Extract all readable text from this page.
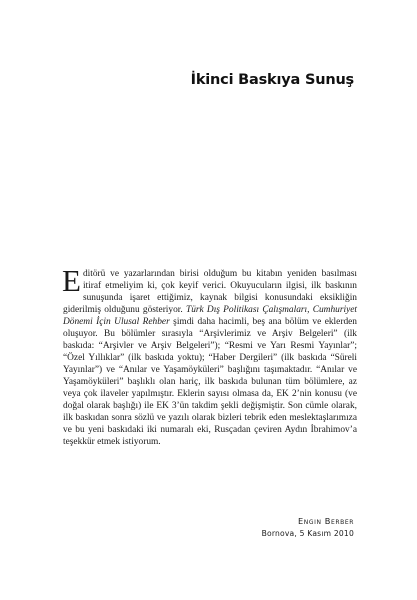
İkinci Baskıya Sunuş
Editörü ve yazarlarından birisi olduğum bu kitabın yeniden basılması itiraf etmeliyim ki, çok keyif verici. Okuyucuların ilgisi, ilk baskının sunuşunda işaret ettiğimiz, kaynak bilgisi konusundaki eksikliğin giderilmiş olduğunu gösteriyor. Türk Dış Politikası Çalışmaları, Cumhuriyet Dönemi İçin Ulusal Rehber şimdi daha hacimli, beş ana bölüm ve eklerden oluşuyor. Bu bölümler sırasıyla “Arşivlerimiz ve Arşiv Belgeleri” (ilk baskıda: “Arşivler ve Arşiv Belgeleri”); “Resmi ve Yarı Resmi Yayınlar”; “Özel Yıllıklar” (ilk baskıda yoktu); “Haber Dergileri” (ilk baskıda “Süreli Yayınlar”) ve “Anılar ve Yaşamöyküleri” başlığını taşımaktadır. “Anılar ve Yaşamöyküleri” başlıklı olan hariç, ilk baskıda bulunan tüm bölümlere, az veya çok ilaveler yapılmıştır. Eklerin sayısı olmasa da, EK 2’nin konusu (ve doğal olarak başlığı) ile EK 3’ün takdim şekli değişmiştir. Son cümle olarak, ilk baskıdan sonra sözlü ve yazılı olarak bizleri tebrik eden meslektaşlarımıza ve bu yeni baskıdaki iki numaralı eki, Rusçadan çeviren Aydın İbrahimov’a teşekkür etmek istiyorum.
Engin Berber
Bornova, 5 Kasım 2010
